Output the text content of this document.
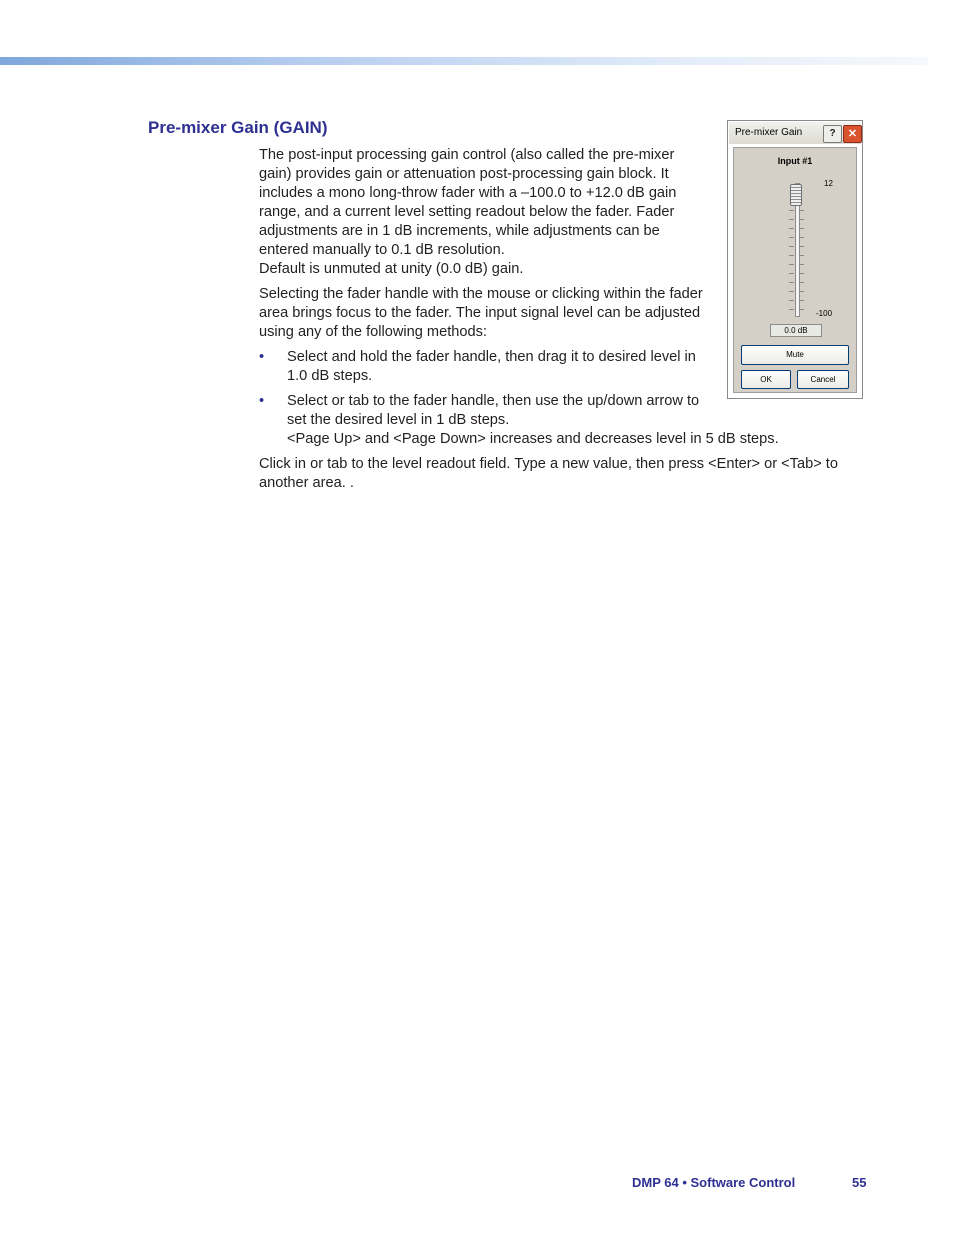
Pre-mixer Gain (GAIN)

The post-input processing gain control (also called the pre-mixer
gain) provides gain or attenuation post-processing gain block. It
includes a mono long-throw fader with a –100.0 to +12.0 dB gain
range, and a current level setting readout below the fader. Fader
adjustments are in 1 dB increments, while adjustments can be
entered manually to 0.1 dB resolution.
Default is unmuted at unity (0.0 dB) gain.

Selecting the fader handle with the mouse or clicking within the fader
area brings focus to the fader. The input signal level can be adjusted
using any of the following methods:

• Select and hold the fader handle, then drag it to desired level in
1.0 dB steps.
• Select or tab to the fader handle, then use the up/down arrow to
set the desired level in 1 dB steps.
<Page Up> and <Page Down> increases and decreases level in 5 dB steps.

Click in or tab to the level readout field. Type a new value, then press <Enter> or <Tab> to
another area. .

Pre-mixer Gain	?	✕
Input #1
12
-100
0.0 dB
Mute
OK	Cancel
DMP 64 • Software Control	55
